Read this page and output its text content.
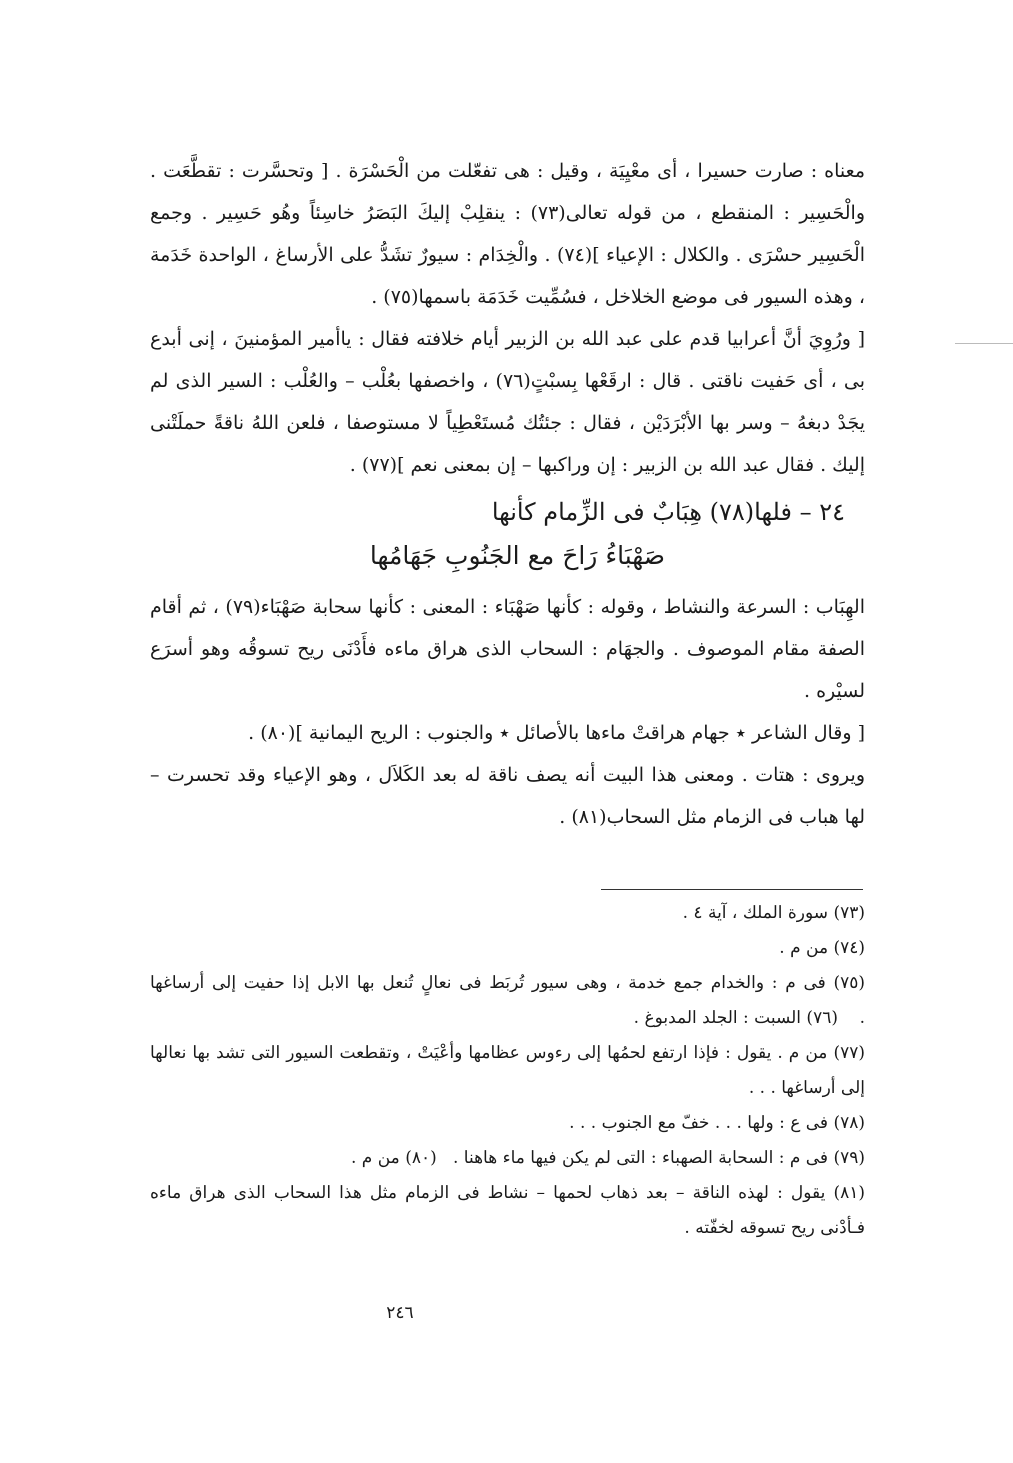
معناه : صارت حسيرا ، أى معْيِيَة ، وقيل : هى تفعّلت من الْحَسْرَة . [ وتحسَّرت : تقطَّعَت . والْحَسِير : المنقطع ، من قوله تعالى(٧٣) : ينقلِبْ إليكَ البَصَرُ خاسِئاً وهُو حَسِير . وجمع الْحَسِير حسْرَى . والكلال : الإعياء ](٧٤) . والْخِدَام : سيورٌ تشَدُّ على الأرساغ ، الواحدة خَدَمة ، وهذه السيور فى موضع الخلاخل ، فسُمِّيت خَدَمَة باسمها(٧٥) .

[ ورُوِيَ أنَّ أعرابيا قدم على عبد الله بن الزبير أيام خلافته فقال : ياأمير المؤمنينَ ، إنى أبدع بى ، أى حَفيت ناقتى . قال : ارقَعْها بِسبْتٍ(٧٦) ، واخصفها بعُلْب – والعُلْب : السير الذى لم يجَدْ دبغهُ – وسر بها الأبْرَدَيْن ، فقال : جئتُك مُستَعْطِياً لا مستوصفا ، فلعن اللهُ ناقةً حملَتْنى إليك . فقال عبد الله بن الزبير : إن وراكبها – إن بمعنى نعم ](٧٧) .

٢٤ – فلها(٧٨) هِبَابٌ فى الزِّمام كأنها
صَهْبَاءُ رَاحَ مع الجَنُوبِ جَهَامُها

الهِبَاب : السرعة والنشاط ، وقوله : كأنها صَهْبَاء : المعنى : كأنها سحابة صَهْبَاء(٧٩) ، ثم أقام الصفة مقام الموصوف . والجهَام : السحاب الذى هراق ماءه فأَدْنَى ريح تسوقُه وهو أسرَع لسيْره .

[ وقال الشاعر ٭ جهام هراقتْ ماءها بالأصائل ٭ والجنوب : الريح اليمانية ](٨٠) .

ويروى : هتات . ومعنى هذا البيت أنه يصف ناقة له بعد الكَلاَل ، وهو الإعياء وقد تحسرت – لها هباب فى الزمام مثل السحاب(٨١) .

(٧٣) سورة الملك ، آية ٤ .

(٧٤) من م .

(٧٥) فى م : والخدام جمع خدمة ، وهى سيور تُربَط فى نعالٍ تُنعل بها الابل إذا حفيت إلى أرساغها .    (٧٦) السبت : الجلد المدبوغ .

(٧٧) من م . يقول : فإذا ارتفع لحمُها إلى رءوس عظامها وأعْيَتْ ، وتقطعت السيور التى تشد بها نعالها إلى أرساغها . . .

(٧٨) فى ع : ولها . . . خفّ مع الجنوب . . .

(٧٩) فى م : السحابة الصهباء : التى لم يكن فيها ماء هاهنا .   (٨٠) من م .

(٨١) يقول : لهذه الناقة – بعد ذهاب لحمها – نشاط فى الزمام مثل هذا السحاب الذى هراق ماءه فـأدْنى ريح تسوقه لخفّته .

٢٤٦
